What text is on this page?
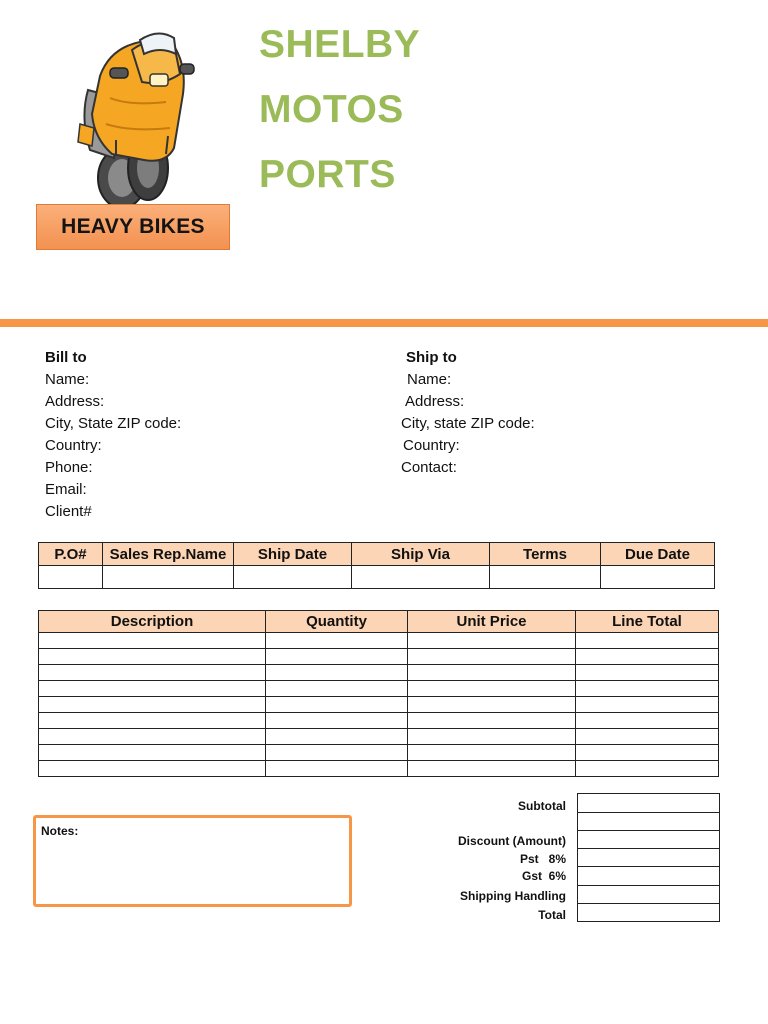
HEAVY BIKES
SHELBY
MOTOS
PORTS
Bill to
Name:
Address:
City, State ZIP code:
Country:
Phone:
Email:
Client#
Ship to
Name:
Address:
City, state ZIP code:
Country:
Contact:
P.O#	Sales Rep.Name	Ship Date	Ship Via	Terms	Due Date

Description	Quantity	Unit Price	Line Total

Notes:
Subtotal
Discount (Amount)
Pst   8%
Gst  6%
Shipping Handling
Total
